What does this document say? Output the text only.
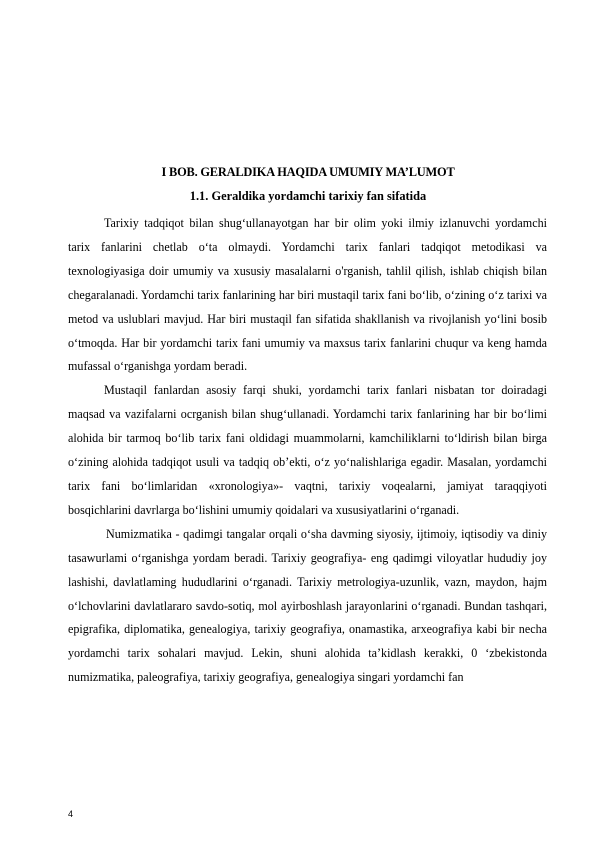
I BOB. GERALDIKA HAQIDA UMUMIY MA’LUMOT
1.1. Geraldika yordamchi tarixiy fan sifatida

Tarixiy tadqiqot bilan shug‘ullanayotgan har bir olim yoki ilmiy izlanuvchi yordamchi tarix fanlarini chetlab o‘ta olmaydi. Yordamchi tarix fanlari tadqiqot metodikasi va texnologiyasiga doir umumiy va xususiy masalalarni o'rganish, tahlil qilish, ishlab chiqish bilan chegaralanadi. Yordamchi tarix fanlarining har biri mustaqil tarix fani bo‘lib, o‘zining o‘z tarixi va metod va uslublari mavjud. Har biri mustaqil fan sifatida shakllanish va rivojlanish yo‘lini bosib o‘tmoqda. Har bir yordamchi tarix fani umumiy va maxsus tarix fanlarini chuqur va keng hamda mufassal o‘rganishga yordam beradi.

Mustaqil fanlardan asosiy farqi shuki, yordamchi tarix fanlari nisbatan tor doiradagi maqsad va vazifalarni ocrganish bilan shug‘ullanadi. Yordamchi tarix fanlarining har bir bo‘limi alohida bir tarmoq bo‘lib tarix fani oldidagi muammolarni, kamchiliklarni to‘ldirish bilan birga o‘zining alohida tadqiqot usuli va tadqiq ob’ekti, o‘z yo‘nalishlariga egadir. Masalan, yordamchi tarix fani bo‘limlaridan «xronologiya»- vaqtni, tarixiy voqealarni, jamiyat taraqqiyoti bosqichlarini davrlarga bo‘lishini umumiy qoidalari va xususiyatlarini o‘rganadi.

Numizmatika - qadimgi tangalar orqali o‘sha davming siyosiy, ijtimoiy, iqtisodiy va diniy tasawurlami o‘rganishga yordam beradi. Tarixiy geografiya- eng qadimgi viloyatlar hududiy joy lashishi, davlatlaming hududlarini o‘rganadi. Tarixiy metrologiya-uzunlik, vazn, maydon, hajm o‘lchovlarini davlatlararo savdo-sotiq, mol ayirboshlash jarayonlarini o‘rganadi. Bundan tashqari, epigrafika, diplomatika, genealogiya, tarixiy geografiya, onamastika, arxeografiya kabi bir necha yordamchi tarix sohalari mavjud. Lekin, shuni alohida ta’kidlash kerakki, 0 ‘zbekistonda numizmatika, paleografiya, tarixiy geografiya, genealogiya singari yordamchi fan

4
